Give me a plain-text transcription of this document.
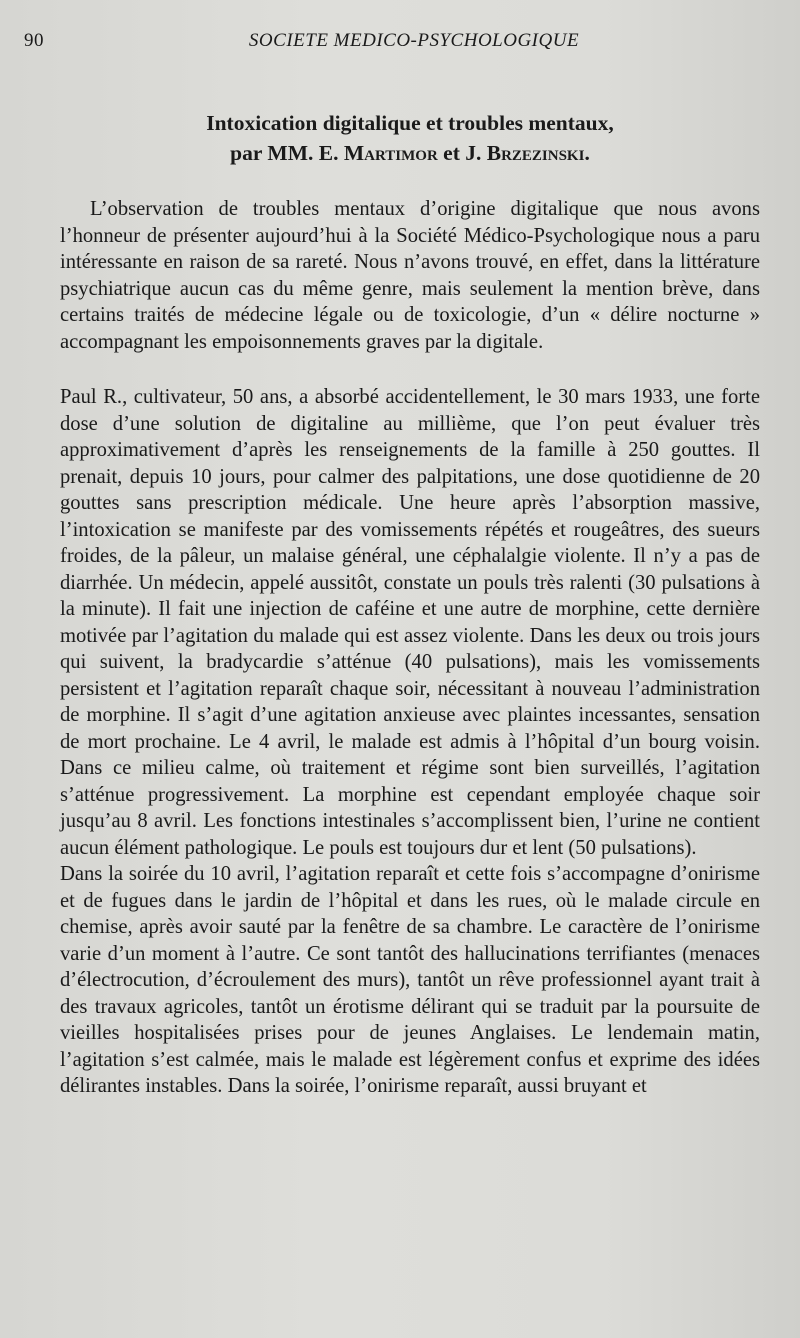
90	SOCIETE MEDICO-PSYCHOLOGIQUE
Intoxication digitalique et troubles mentaux,
par MM. E. Martimor et J. Brzezinski.

L’observation de troubles mentaux d’origine digitalique que nous avons l’honneur de présenter aujourd’hui à la Société Médico-Psychologique nous a paru intéressante en raison de sa rareté. Nous n’avons trouvé, en effet, dans la littérature psychiatrique aucun cas du même genre, mais seulement la mention brève, dans certains traités de médecine légale ou de toxicologie, d’un « délire nocturne » accompagnant les empoisonnements graves par la digitale.

Paul R., cultivateur, 50 ans, a absorbé accidentellement, le 30 mars 1933, une forte dose d’une solution de digitaline au millième, que l’on peut évaluer très approximativement d’après les renseignements de la famille à 250 gouttes. Il prenait, depuis 10 jours, pour calmer des palpitations, une dose quotidienne de 20 gouttes sans prescription médicale. Une heure après l’absorption massive, l’intoxication se manifeste par des vomissements répétés et rougeâtres, des sueurs froides, de la pâleur, un malaise général, une céphalalgie violente. Il n’y a pas de diarrhée. Un médecin, appelé aussitôt, constate un pouls très ralenti (30 pulsations à la minute). Il fait une injection de caféine et une autre de morphine, cette dernière motivée par l’agitation du malade qui est assez violente. Dans les deux ou trois jours qui suivent, la bradycardie s’atténue (40 pulsations), mais les vomissements persistent et l’agitation reparaît chaque soir, nécessitant à nouveau l’administration de morphine. Il s’agit d’une agitation anxieuse avec plaintes incessantes, sensation de mort prochaine. Le 4 avril, le malade est admis à l’hôpital d’un bourg voisin. Dans ce milieu calme, où traitement et régime sont bien surveillés, l’agitation s’atténue progressivement. La morphine est cependant employée chaque soir jusqu’au 8 avril. Les fonctions intestinales s’accomplissent bien, l’urine ne contient aucun élément pathologique. Le pouls est toujours dur et lent (50 pulsations).

Dans la soirée du 10 avril, l’agitation reparaît et cette fois s’accompagne d’onirisme et de fugues dans le jardin de l’hôpital et dans les rues, où le malade circule en chemise, après avoir sauté par la fenêtre de sa chambre. Le caractère de l’onirisme varie d’un moment à l’autre. Ce sont tantôt des hallucinations terrifiantes (menaces d’électrocution, d’écroulement des murs), tantôt un rêve professionnel ayant trait à des travaux agricoles, tantôt un érotisme délirant qui se traduit par la poursuite de vieilles hospitalisées prises pour de jeunes Anglaises. Le lendemain matin, l’agitation s’est calmée, mais le malade est légèrement confus et exprime des idées délirantes instables. Dans la soirée, l’onirisme reparaît, aussi bruyant et
